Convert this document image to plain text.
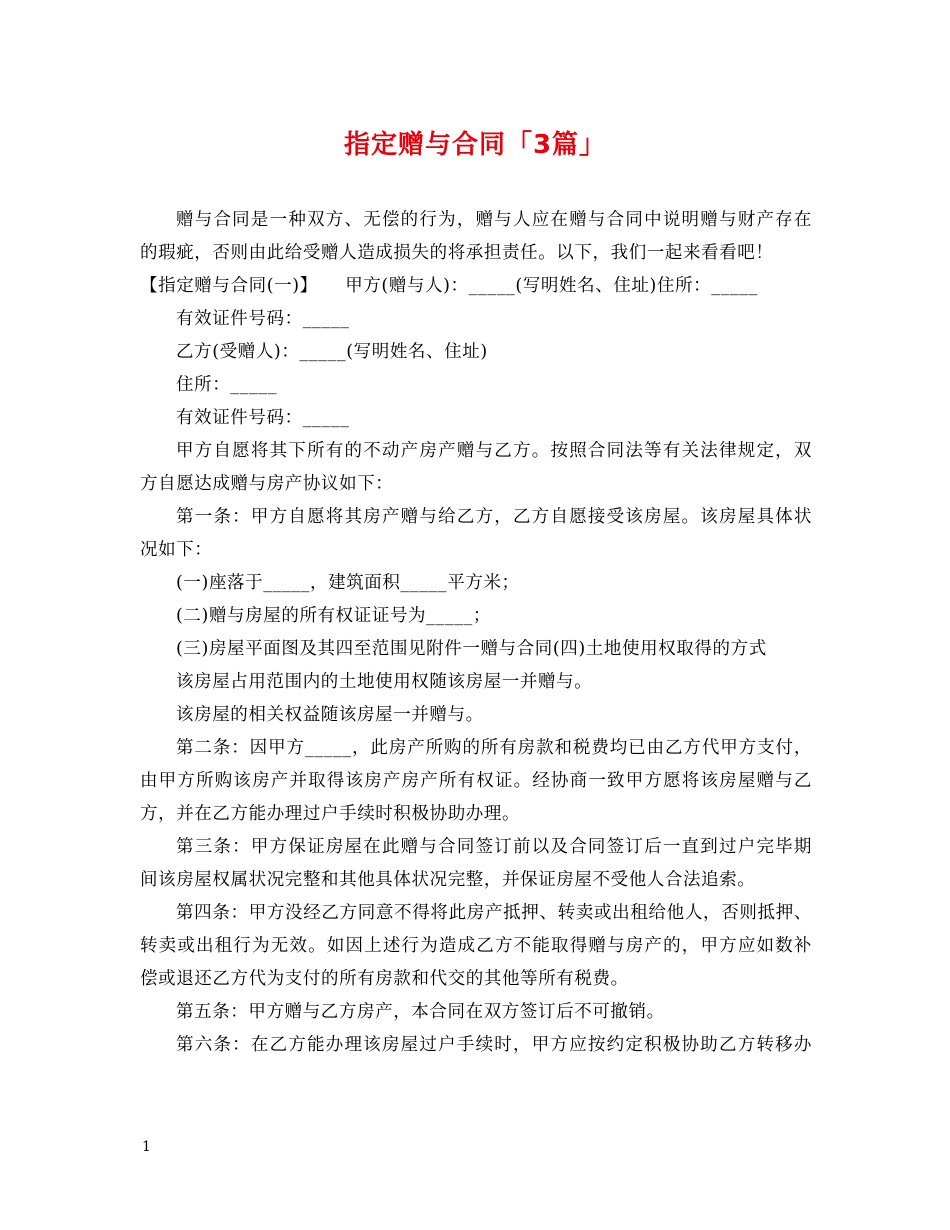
指定赠与合同「3篇」

赠与合同是一种双方、无偿的行为，赠与人应在赠与合同中说明赠与财产存在

的瑕疵，否则由此给受赠人造成损失的将承担责任。以下，我们一起来看看吧！

【指定赠与合同(一)】　　甲方(赠与人)：_____(写明姓名、住址)住所：_____

有效证件号码：_____

乙方(受赠人)：_____(写明姓名、住址)

住所：_____

有效证件号码：_____

甲方自愿将其下所有的不动产房产赠与乙方。按照合同法等有关法律规定，双

方自愿达成赠与房产协议如下：

第一条：甲方自愿将其房产赠与给乙方，乙方自愿接受该房屋。该房屋具体状

况如下：

(一)座落于_____，建筑面积_____平方米；

(二)赠与房屋的所有权证证号为_____；

(三)房屋平面图及其四至范围见附件一赠与合同(四)土地使用权取得的方式

该房屋占用范围内的土地使用权随该房屋一并赠与。

该房屋的相关权益随该房屋一并赠与。

第二条：因甲方_____，此房产所购的所有房款和税费均已由乙方代甲方支付，

由甲方所购该房产并取得该房产房产所有权证。经协商一致甲方愿将该房屋赠与乙

方，并在乙方能办理过户手续时积极协助办理。

第三条：甲方保证房屋在此赠与合同签订前以及合同签订后一直到过户完毕期

间该房屋权属状况完整和其他具体状况完整，并保证房屋不受他人合法追索。

第四条：甲方没经乙方同意不得将此房产抵押、转卖或出租给他人，否则抵押、

转卖或出租行为无效。如因上述行为造成乙方不能取得赠与房产的，甲方应如数补

偿或退还乙方代为支付的所有房款和代交的其他等所有税费。

第五条：甲方赠与乙方房产，本合同在双方签订后不可撤销。

第六条：在乙方能办理该房屋过户手续时，甲方应按约定积极协助乙方转移办

1
